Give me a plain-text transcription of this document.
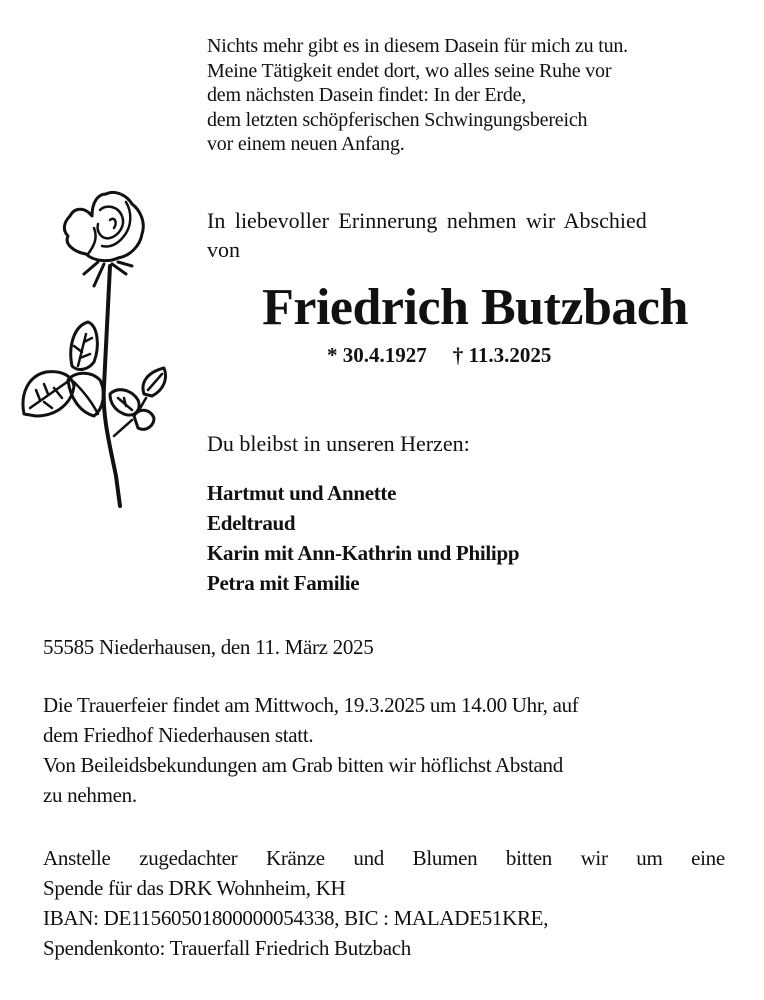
Nichts mehr gibt es in diesem Dasein für mich zu tun.
Meine Tätigkeit endet dort, wo alles seine Ruhe vor
dem nächsten Dasein findet: In der Erde,
dem letzten schöpferischen Schwingungsbereich
vor einem neuen Anfang.
In liebevoller Erinnerung nehmen wir Abschied
von
Friedrich Butzbach
* 30.4.1927 † 11.3.2025
Du bleibst in unseren Herzen:
Hartmut und Annette
Edeltraud
Karin mit Ann-Kathrin und Philipp
Petra mit Familie
55585 Niederhausen, den 11. März 2025
Die Trauerfeier findet am Mittwoch, 19.3.2025 um 14.00 Uhr, auf
dem Friedhof Niederhausen statt.
Von Beileidsbekundungen am Grab bitten wir höflichst Abstand
zu nehmen.
Anstelle zugedachter Kränze und Blumen bitten wir um eine
Spende für das DRK Wohnheim, KH
IBAN: DE11560501800000054338, BIC : MALADE51KRE,
Spendenkonto: Trauerfall Friedrich Butzbach
